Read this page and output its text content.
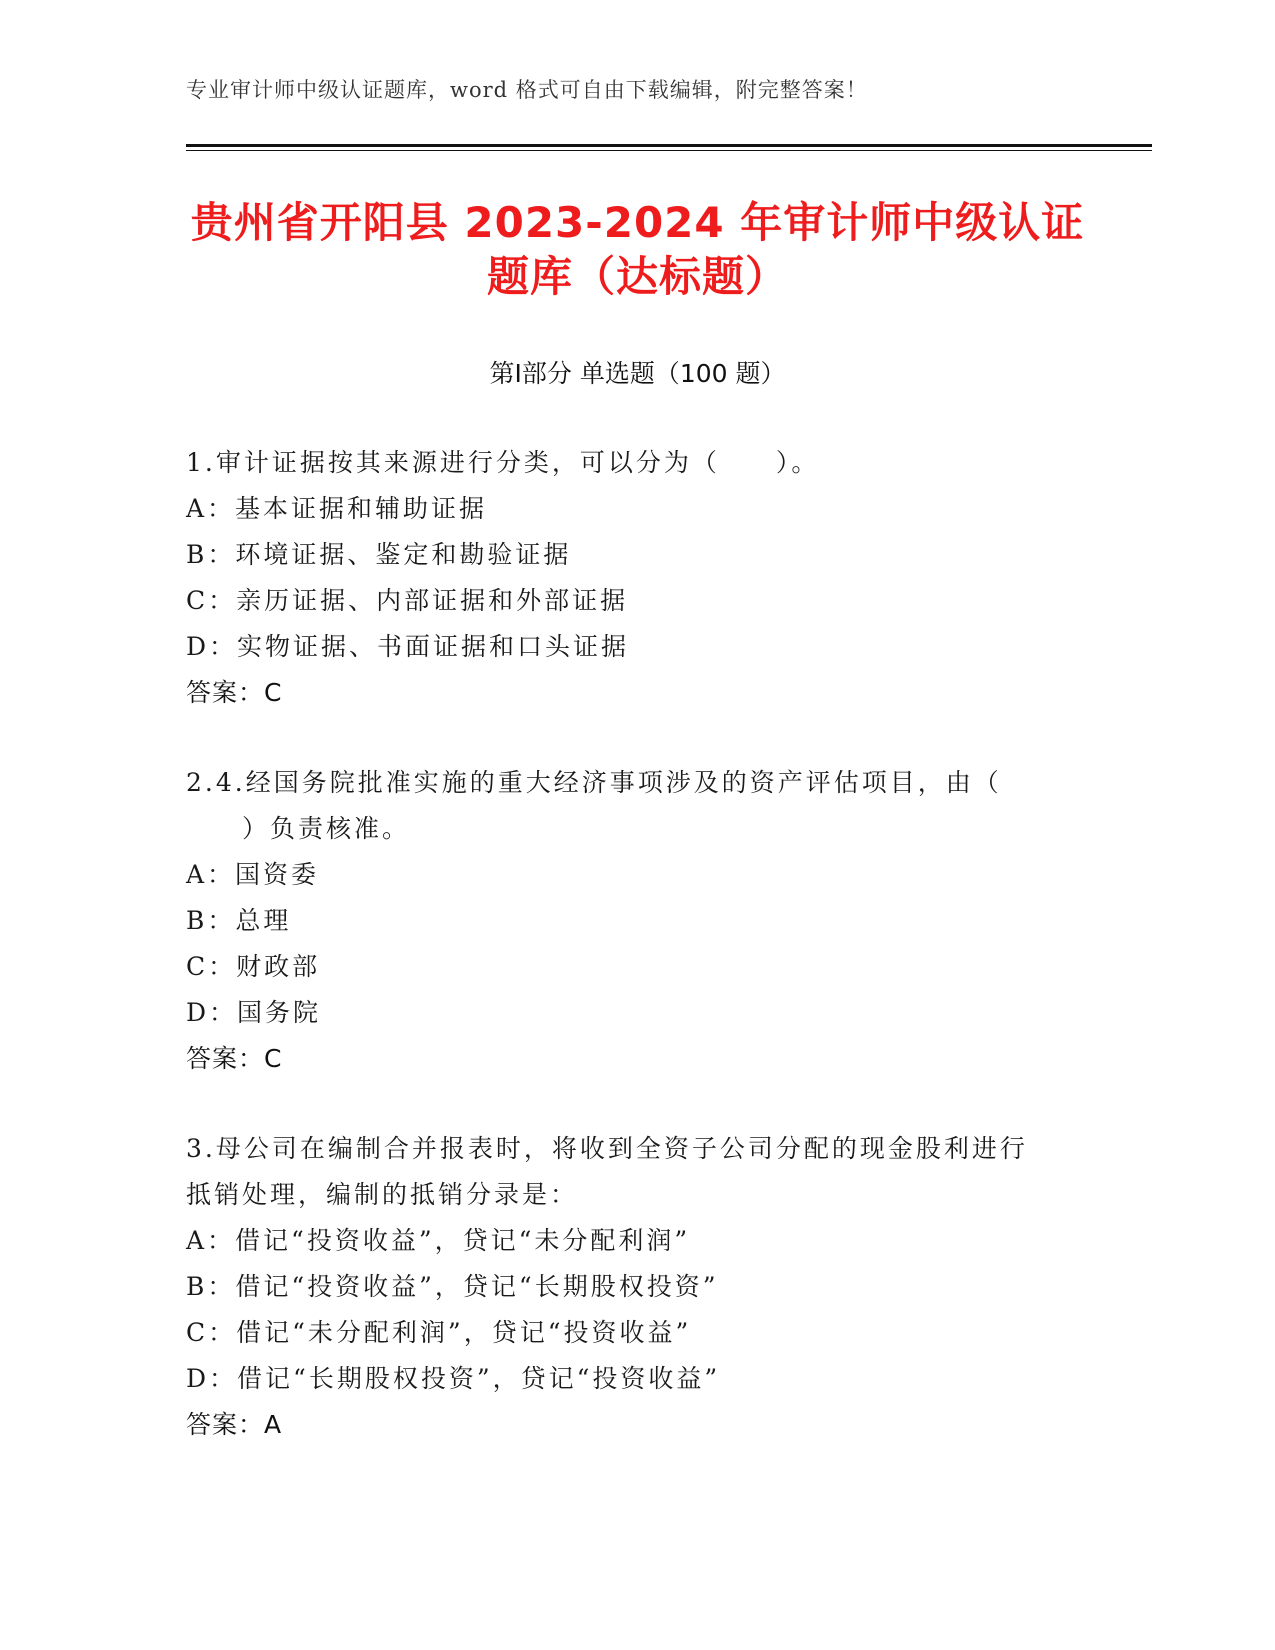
专业审计师中级认证题库，word 格式可自由下载编辑，附完整答案！
贵州省开阳县 2023-2024 年审计师中级认证
题库（达标题）
第Ⅰ部分 单选题（100 题）
1.审计证据按其来源进行分类，可以分为（　　）。
A：基本证据和辅助证据
B：环境证据、鉴定和勘验证据
C：亲历证据、内部证据和外部证据
D：实物证据、书面证据和口头证据
答案：C
2.4.经国务院批准实施的重大经济事项涉及的资产评估项目，由（
　　）负责核准。
A：国资委
B：总理
C：财政部
D：国务院
答案：C
3.母公司在编制合并报表时，将收到全资子公司分配的现金股利进行
抵销处理，编制的抵销分录是：
A：借记“投资收益”，贷记“未分配利润”
B：借记“投资收益”，贷记“长期股权投资”
C：借记“未分配利润”，贷记“投资收益”
D：借记“长期股权投资”，贷记“投资收益”
答案：A
